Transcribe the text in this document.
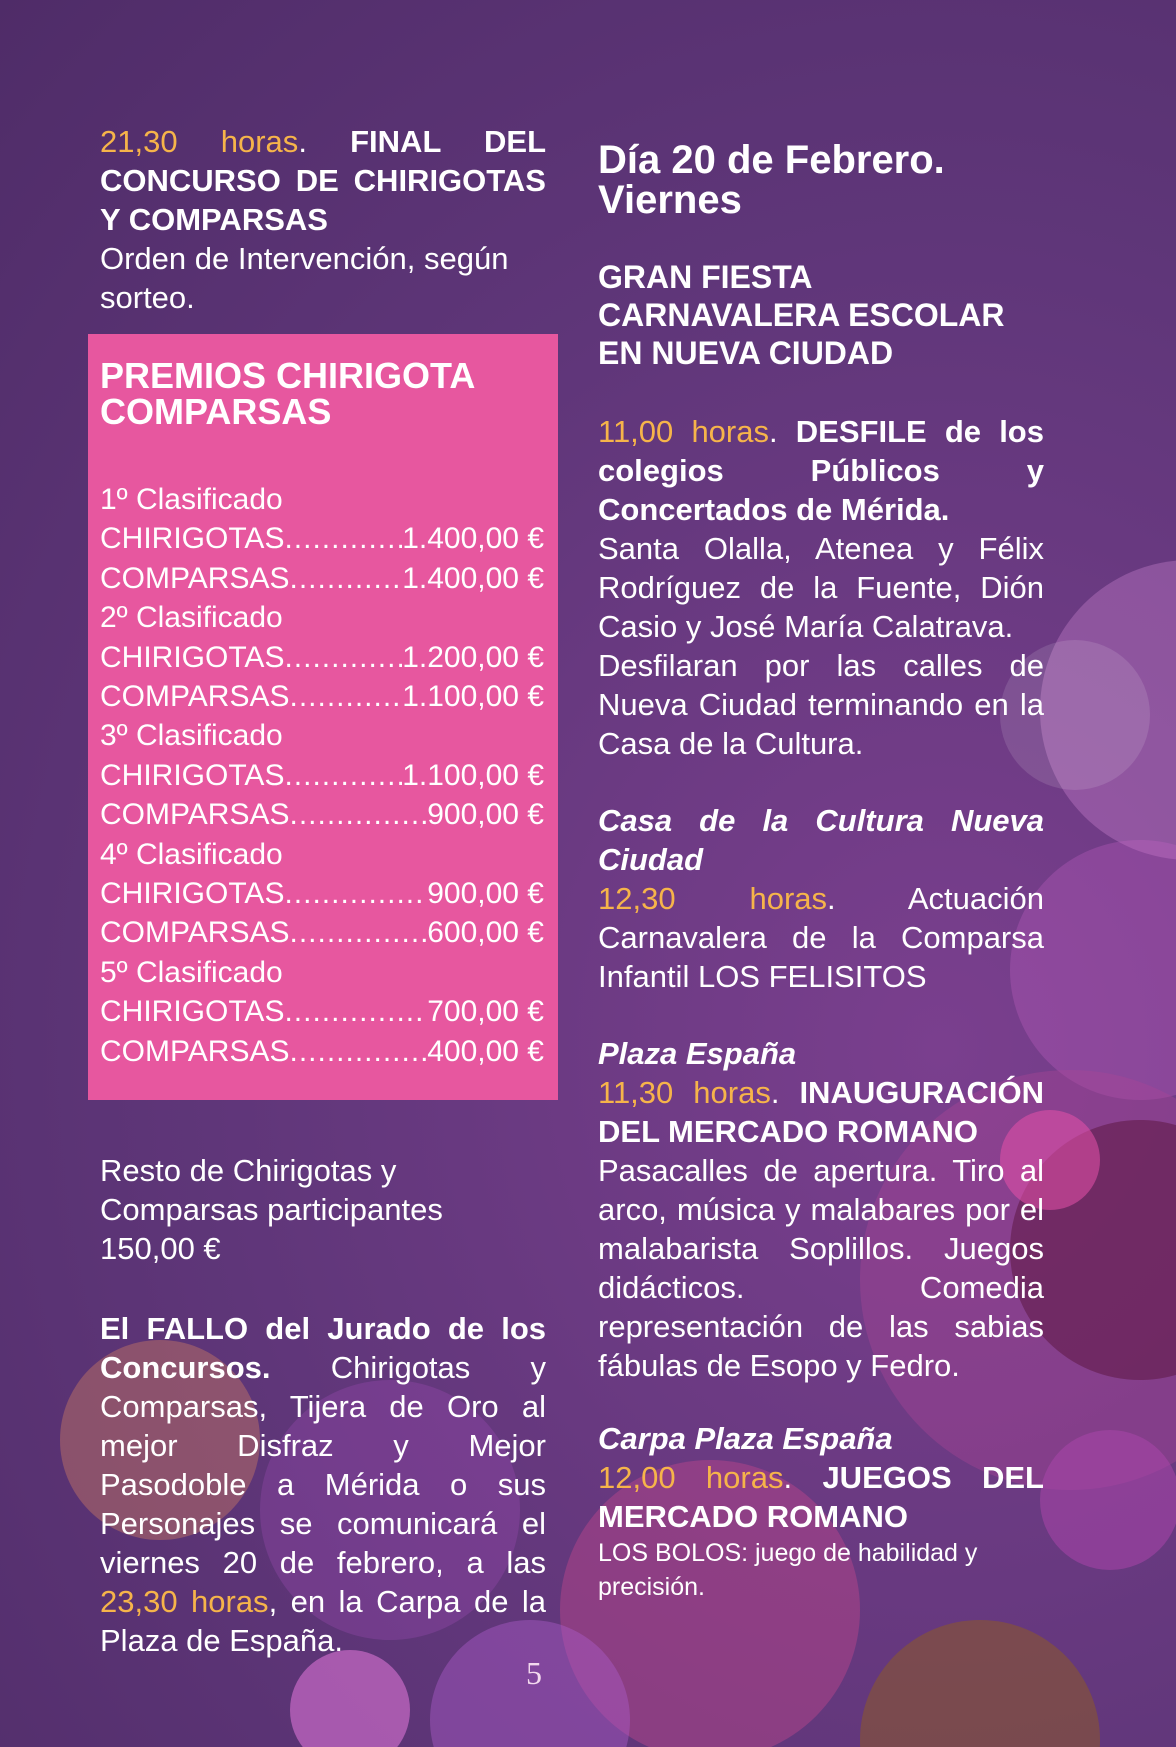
21,30 horas. FINAL DEL CONCURSO DE CHIRIGOTAS Y COMPARSAS

Orden de Intervención, según sorteo.

PREMIOS CHIRIGOTA COMPARSAS
1º Clasificado
CHIRIGOTAS .....	1.400,00 €
COMPARSAS .....	1.400,00 €
2º Clasificado
CHIRIGOTAS .....	1.200,00 €
COMPARSAS .....	1.100,00 €
3º Clasificado
CHIRIGOTAS .....	1.100,00 €
COMPARSAS .....	900,00 €
4º Clasificado
CHIRIGOTAS .....	900,00 €
COMPARSAS .....	600,00 €
5º Clasificado
CHIRIGOTAS .....	700,00 €
COMPARSAS .....	400,00 €

Resto de Chirigotas y Comparsas participantes

150,00 €

El FALLO del Jurado de los Concursos. Chirigotas y Comparsas, Tijera de Oro al mejor Disfraz y Mejor Pasodoble a Mérida o sus Personajes se comunicará el viernes 20 de febrero, a las 23,30 horas, en la Carpa de la Plaza de España.

Día 20 de Febrero. Viernes
GRAN FIESTA CARNAVALERA ESCOLAR EN NUEVA CIUDAD

11,00 horas. DESFILE de los colegios Públicos y Concertados de Mérida.

Santa Olalla, Atenea y Félix Rodríguez de la Fuente, Dión Casio y José María Calatrava.

Desfilaran por las calles de Nueva Ciudad terminando en la Casa de la Cultura.

Casa de la Cultura Nueva Ciudad

12,30 horas. Actuación Carnavalera de la Comparsa Infantil LOS FELISITOS

Plaza España

11,30 horas. INAUGURACIÓN DEL MERCADO ROMANO

Pasacalles de apertura. Tiro al arco, música y malabares por el malabarista Soplillos. Juegos didácticos. Comedia representación de las sabias fábulas de Esopo y Fedro.

Carpa Plaza España

12,00 horas. JUEGOS DEL MERCADO ROMANO

LOS BOLOS: juego de habilidad y precisión.

5
